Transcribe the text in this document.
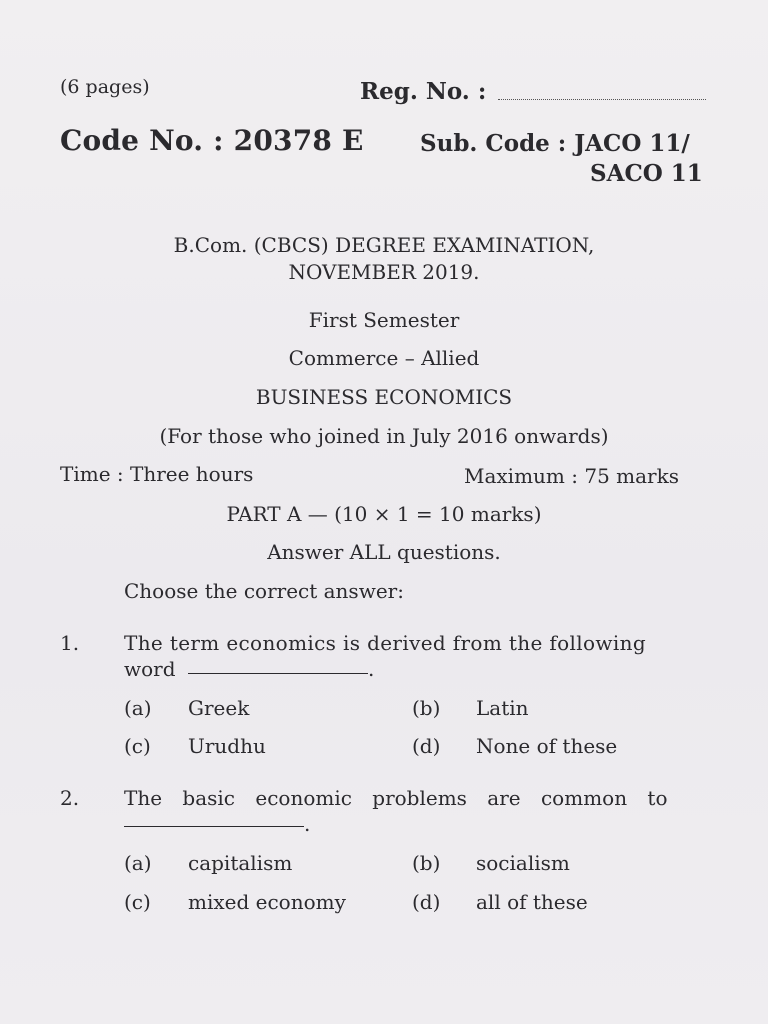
(6 pages)	Reg. No. :
Code No. : 20378 E Sub. Code : JACO 11/
SACO 11
B.Com. (CBCS) DEGREE EXAMINATION,
NOVEMBER 2019.
First Semester
Commerce – Allied
BUSINESS ECONOMICS
(For those who joined in July 2016 onwards)
Time : Three hours	Maximum : 75 marks
PART A — (10 × 1 = 10 marks)
Answer ALL questions.
Choose the correct answer:
1. The term economics is derived from the following
word	.
(a) Greek	(b) Latin
(c) Urudhu	(d) None of these
2. The basic economic problems are common to
.
(a) capitalism	(b) socialism
(c) mixed economy	(d) all of these
